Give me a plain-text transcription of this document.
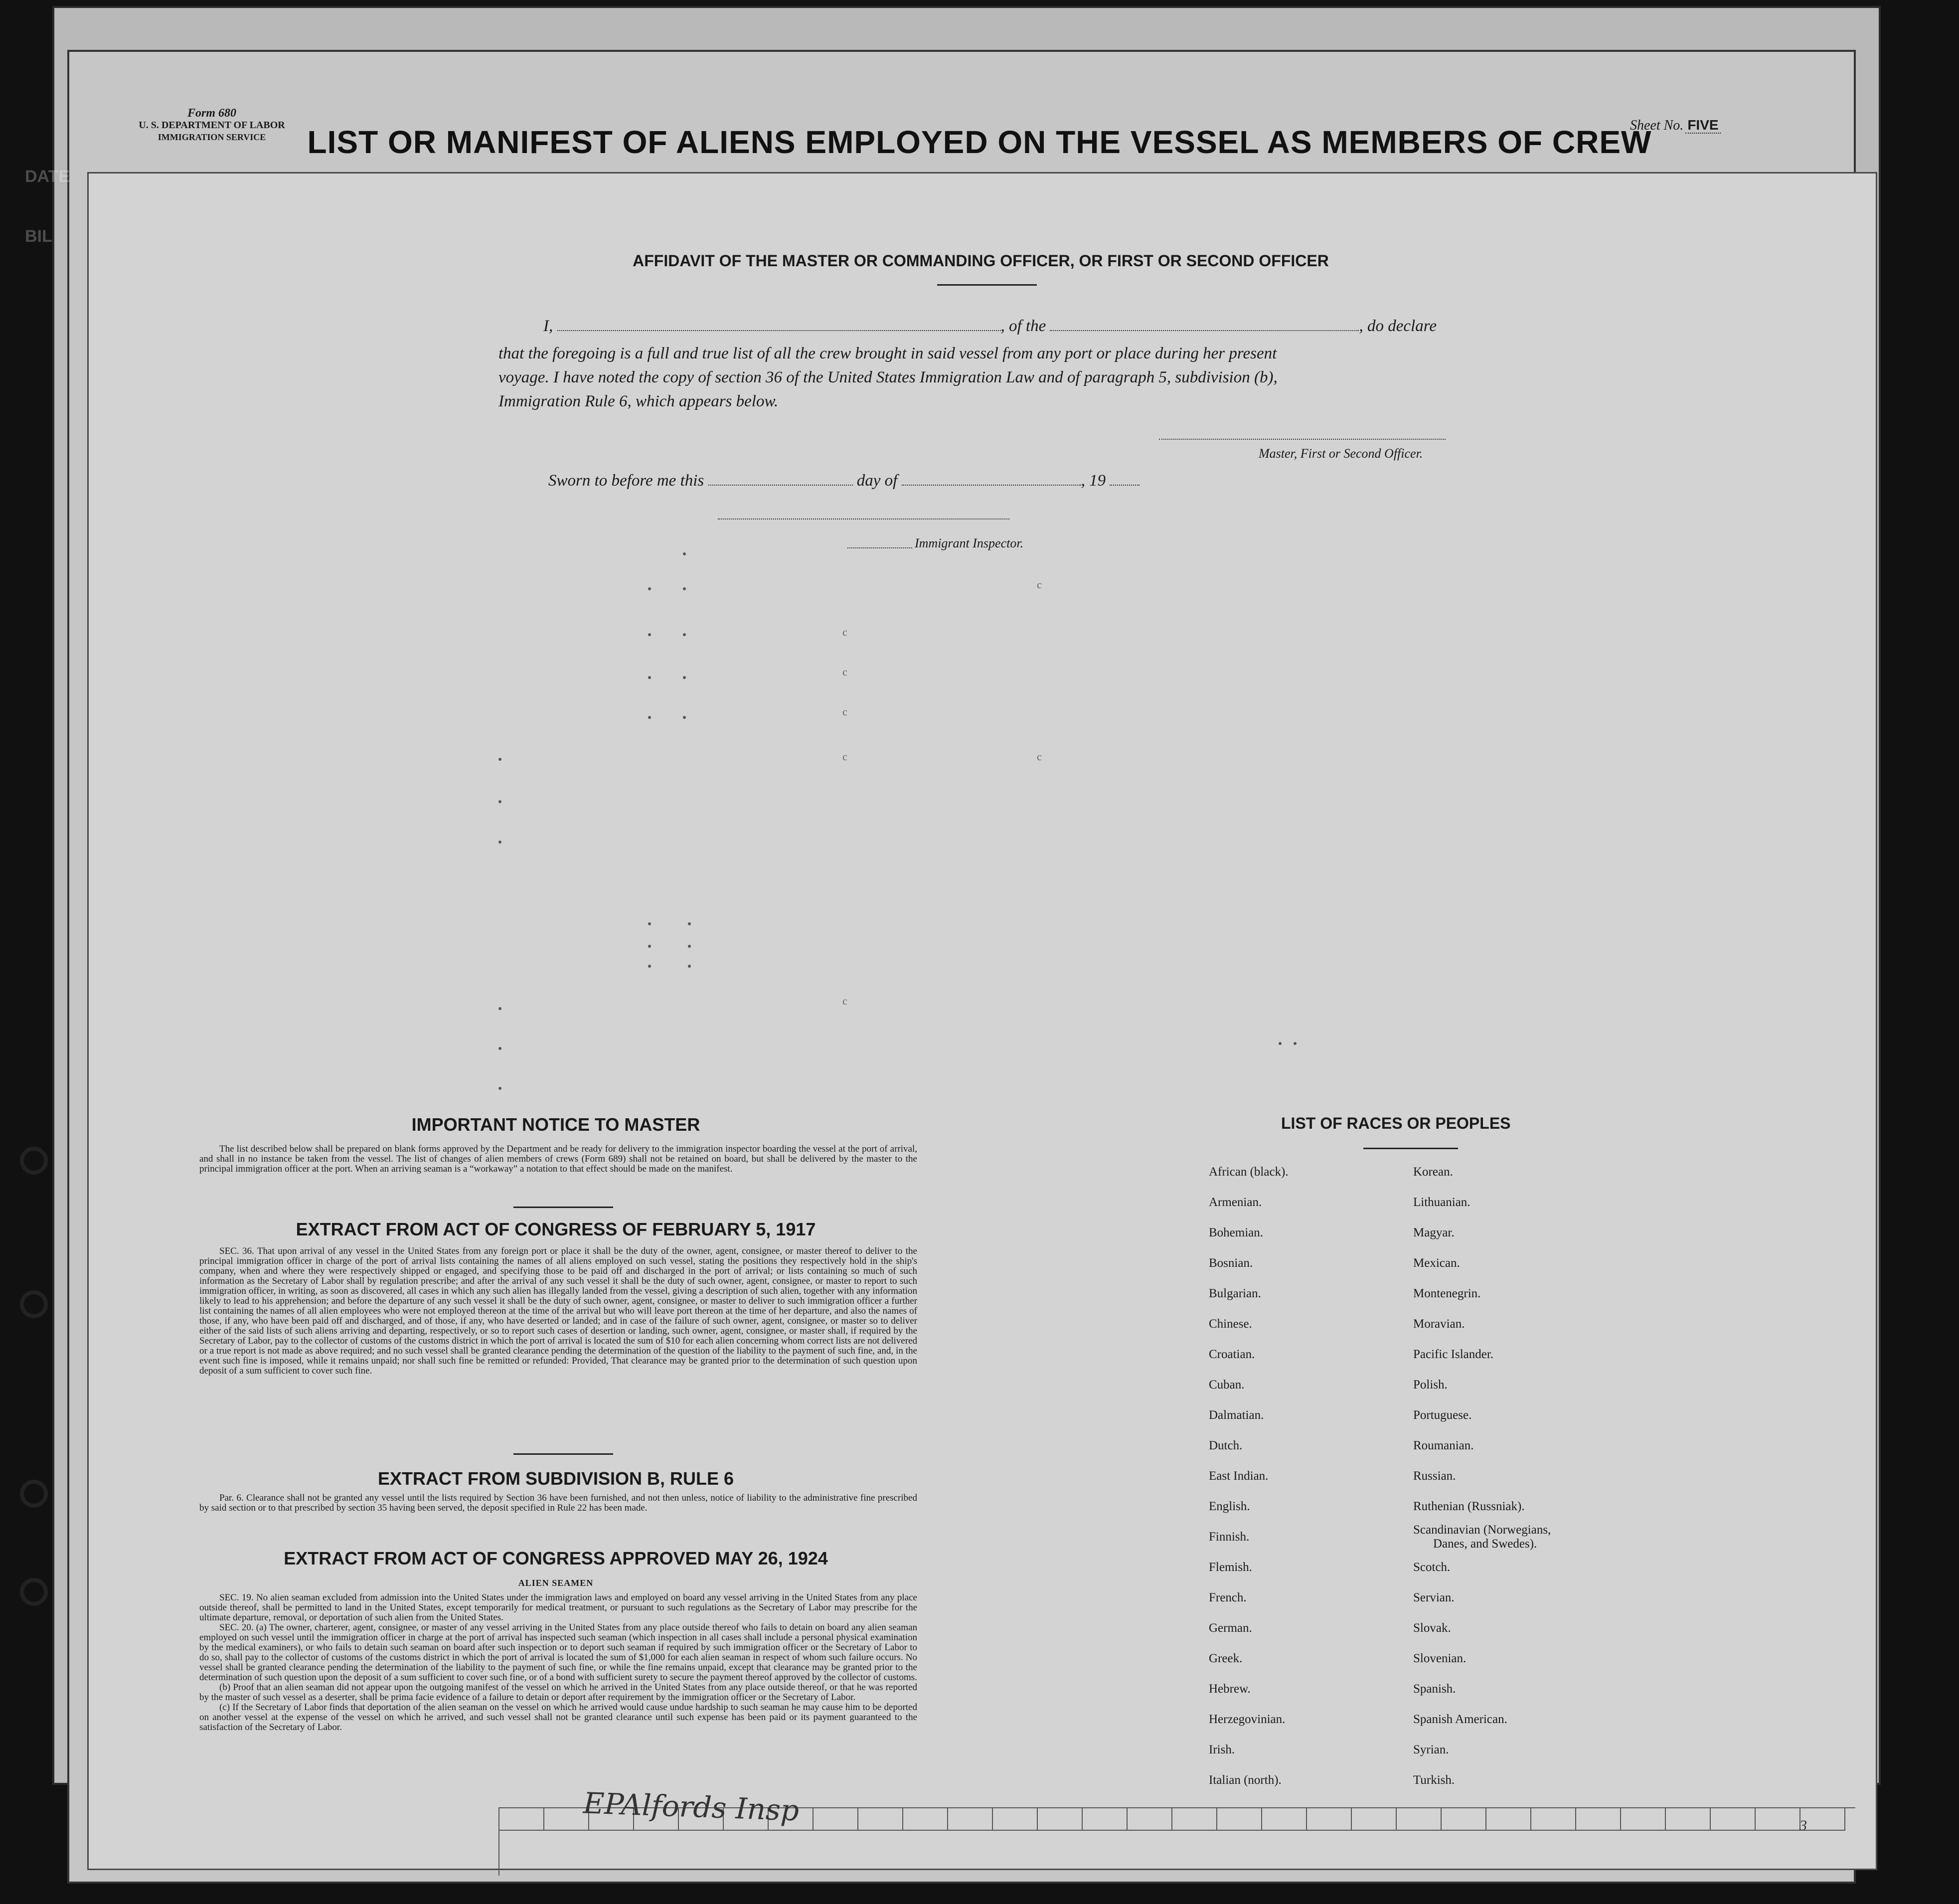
DATE
BIL
Form 680
U. S. DEPARTMENT OF LABOR
IMMIGRATION SERVICE
Sheet No. FIVE
LIST OR MANIFEST OF ALIENS EMPLOYED ON THE VESSEL AS MEMBERS OF CREW
AFFIDAVIT OF THE MASTER OR COMMANDING OFFICER, OR FIRST OR SECOND OFFICER
I,	, of the	, do declare
that the foregoing is a full and true list of all the crew brought in said vessel from any port or place during her present
voyage. I have noted the copy of section 36 of the United States Immigration Law and of paragraph 5, subdivision (b),
Immigration Rule 6, which appears below.
Master, First or Second Officer.
Sworn to before me this	day of	, 19
Immigrant Inspector.
c
c
c
c
c
c
c
IMPORTANT NOTICE TO MASTER

The list described below shall be prepared on blank forms approved by the Department and be ready for delivery to the immigration inspector boarding the vessel at the port of arrival, and shall in no instance be taken from the vessel. The list of changes of alien members of crews (Form 689) shall not be retained on board, but shall be delivered by the master to the principal immigration officer at the port. When an arriving seaman is a “workaway” a notation to that effect should be made on the manifest.

EXTRACT FROM ACT OF CONGRESS OF FEBRUARY 5, 1917

SEC. 36. That upon arrival of any vessel in the United States from any foreign port or place it shall be the duty of the owner, agent, consignee, or master thereof to deliver to the principal immigration officer in charge of the port of arrival lists containing the names of all aliens employed on such vessel, stating the positions they respectively hold in the ship's company, when and where they were respectively shipped or engaged, and specifying those to be paid off and discharged in the port of arrival; or lists containing so much of such information as the Secretary of Labor shall by regulation prescribe; and after the arrival of any such vessel it shall be the duty of such owner, agent, consignee, or master to report to such immigration officer, in writing, as soon as discovered, all cases in which any such alien has illegally landed from the vessel, giving a description of such alien, together with any information likely to lead to his apprehension; and before the departure of any such vessel it shall be the duty of such owner, agent, consignee, or master to deliver to such immigration officer a further list containing the names of all alien employees who were not employed thereon at the time of the arrival but who will leave port thereon at the time of her departure, and also the names of those, if any, who have been paid off and discharged, and of those, if any, who have deserted or landed; and in case of the failure of such owner, agent, consignee, or master so to deliver either of the said lists of such aliens arriving and departing, respectively, or so to report such cases of desertion or landing, such owner, agent, consignee, or master shall, if required by the Secretary of Labor, pay to the collector of customs of the customs district in which the port of arrival is located the sum of $10 for each alien concerning whom correct lists are not delivered or a true report is not made as above required; and no such vessel shall be granted clearance pending the determination of the question of the liability to the payment of such fine, and, in the event such fine is imposed, while it remains unpaid; nor shall such fine be remitted or refunded: Provided, That clearance may be granted prior to the determination of such question upon deposit of a sum sufficient to cover such fine.

EXTRACT FROM SUBDIVISION B, RULE 6

Par. 6. Clearance shall not be granted any vessel until the lists required by Section 36 have been furnished, and not then unless, notice of liability to the administrative fine prescribed by said section or to that prescribed by section 35 having been served, the deposit specified in Rule 22 has been made.

EXTRACT FROM ACT OF CONGRESS APPROVED MAY 26, 1924
ALIEN SEAMEN

SEC. 19. No alien seaman excluded from admission into the United States under the immigration laws and employed on board any vessel arriving in the United States from any place outside thereof, shall be permitted to land in the United States, except temporarily for medical treatment, or pursuant to such regulations as the Secretary of Labor may prescribe for the ultimate departure, removal, or deportation of such alien from the United States.

SEC. 20. (a) The owner, charterer, agent, consignee, or master of any vessel arriving in the United States from any place outside thereof who fails to detain on board any alien seaman employed on such vessel until the immigration officer in charge at the port of arrival has inspected such seaman (which inspection in all cases shall include a personal physical examination by the medical examiners), or who fails to detain such seaman on board after such inspection or to deport such seaman if required by such immigration officer or the Secretary of Labor to do so, shall pay to the collector of customs of the customs district in which the port of arrival is located the sum of $1,000 for each alien seaman in respect of whom such failure occurs. No vessel shall be granted clearance pending the determination of the liability to the payment of such fine, or while the fine remains unpaid, except that clearance may be granted prior to the determination of such question upon the deposit of a sum sufficient to cover such fine, or of a bond with sufficient surety to secure the payment thereof approved by the collector of customs.

(b) Proof that an alien seaman did not appear upon the outgoing manifest of the vessel on which he arrived in the United States from any place outside thereof, or that he was reported by the master of such vessel as a deserter, shall be prima facie evidence of a failure to detain or deport after requirement by the immigration officer or the Secretary of Labor.

(c) If the Secretary of Labor finds that deportation of the alien seaman on the vessel on which he arrived would cause undue hardship to such seaman he may cause him to be deported on another vessel at the expense of the vessel on which he arrived, and such vessel shall not be granted clearance until such expense has been paid or its payment guaranteed to the satisfaction of the Secretary of Labor.

LIST OF RACES OR PEOPLES
African (black).
Armenian.
Bohemian.
Bosnian.
Bulgarian.
Chinese.
Croatian.
Cuban.
Dalmatian.
Dutch.
East Indian.
English.
Finnish.
Flemish.
French.
German.
Greek.
Hebrew.
Herzegovinian.
Irish.
Italian (north).
Korean.
Lithuanian.
Magyar.
Mexican.
Montenegrin.
Moravian.
Pacific Islander.
Polish.
Portuguese.
Roumanian.
Russian.
Ruthenian (Russniak).
Scandinavian (Norwegians,
Danes, and Swedes).
Scotch.
Servian.
Slovak.
Slovenian.
Spanish.
Spanish American.
Syrian.
Turkish.
EPAlfords Insp	3
